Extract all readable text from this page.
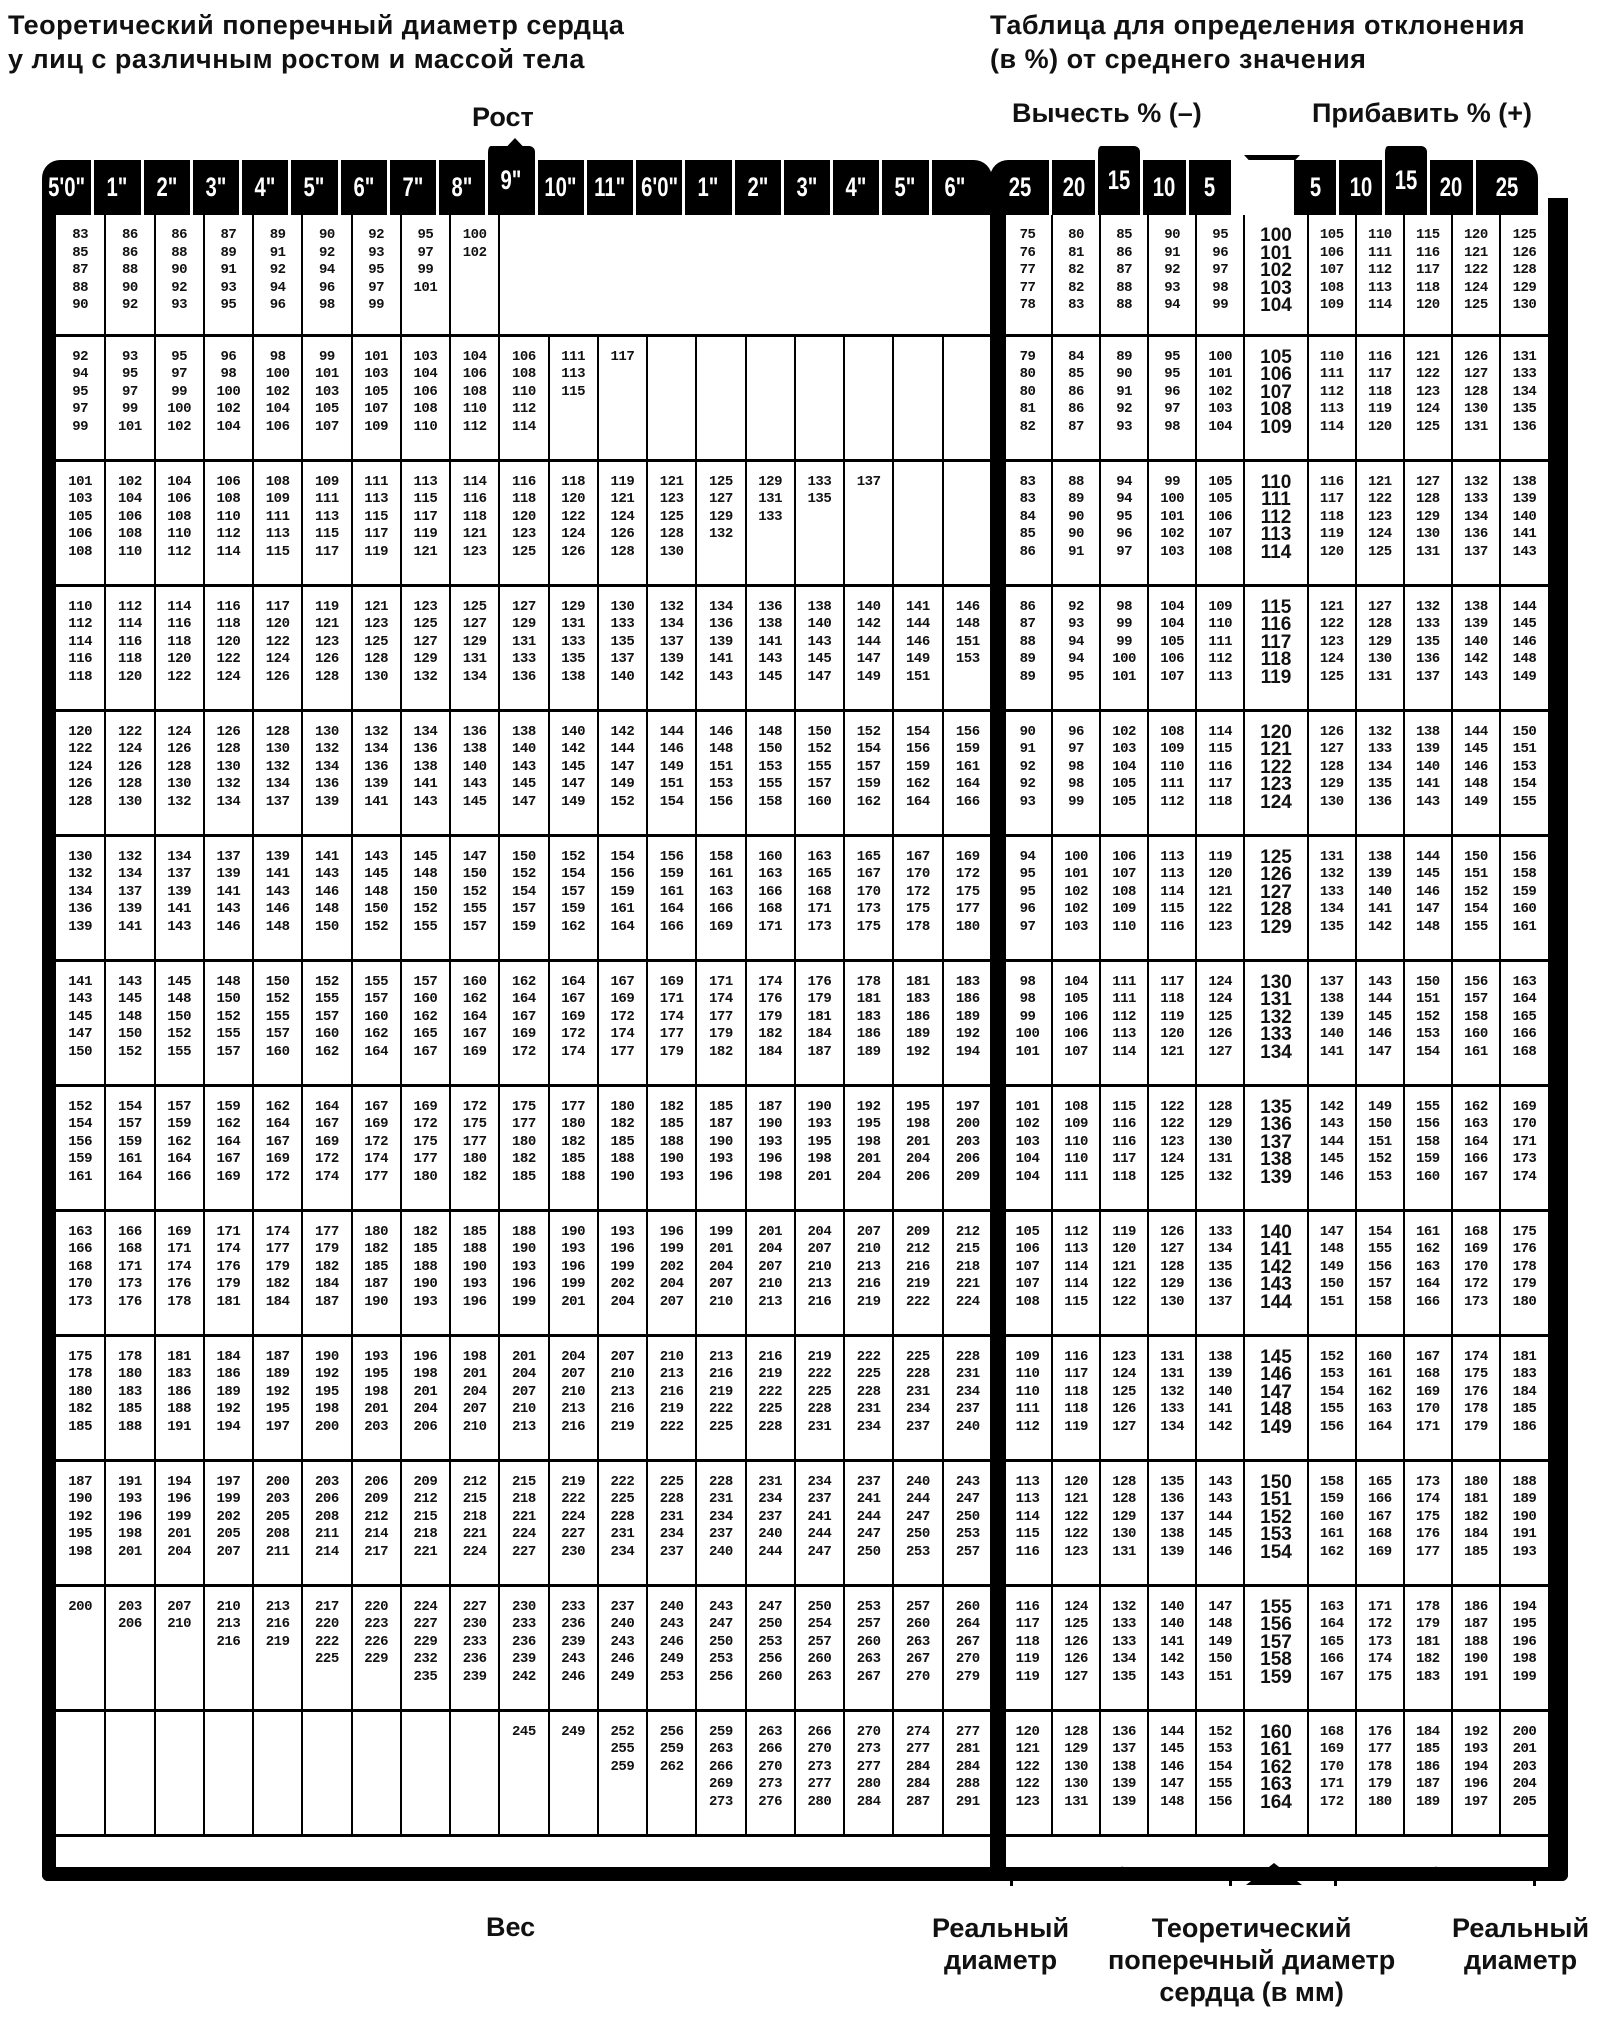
Теоретический поперечный диаметр сердца
у лиц с различным ростом и массой тела
Таблица для определения отклонения
(в %) от среднего значения
Рост	Вычесть % (–)	Прибавить % (+)
5'0" 1" 2" 3" 4" 5" 6" 7" 8" 9" 10" 11" 6'0" 1" 2" 3" 4" 5" 6"
83
85
87
88
90	86
86
88
90
92	86
88
90
92
93	87
89
91
93
95	89
91
92
94
96	90
92
94
96
98	92
93
95
97
99	95
97
99
101	100
102										

92
94
95
97
99	93
95
97
99
101	95
97
99
100
102	96
98
100
102
104	98
100
102
104
106	99
101
103
105
107	101
103
105
107
109	103
104
106
108
110	104
106
108
110
112	106
108
110
112
114	111
113
115	117							

101
103
105
106
108	102
104
106
108
110	104
106
108
110
112	106
108
110
112
114	108
109
111
113
115	109
111
113
115
117	111
113
115
117
119	113
115
117
119
121	114
116
118
121
123	116
118
120
123
125	118
120
122
124
126	119
121
124
126
128	121
123
125
128
130	125
127
129
132	129
131
133	133
135	137		

110
112
114
116
118	112
114
116
118
120	114
116
118
120
122	116
118
120
122
124	117
120
122
124
126	119
121
123
126
128	121
123
125
128
130	123
125
127
129
132	125
127
129
131
134	127
129
131
133
136	129
131
133
135
138	130
133
135
137
140	132
134
137
139
142	134
136
139
141
143	136
138
141
143
145	138
140
143
145
147	140
142
144
147
149	141
144
146
149
151	146
148
151
153

120
122
124
126
128	122
124
126
128
130	124
126
128
130
132	126
128
130
132
134	128
130
132
134
137	130
132
134
136
139	132
134
136
139
141	134
136
138
141
143	136
138
140
143
145	138
140
143
145
147	140
142
145
147
149	142
144
147
149
152	144
146
149
151
154	146
148
151
153
156	148
150
153
155
158	150
152
155
157
160	152
154
157
159
162	154
156
159
162
164	156
159
161
164
166

130
132
134
136
139	132
134
137
139
141	134
137
139
141
143	137
139
141
143
146	139
141
143
146
148	141
143
146
148
150	143
145
148
150
152	145
148
150
152
155	147
150
152
155
157	150
152
154
157
159	152
154
157
159
162	154
156
159
161
164	156
159
161
164
166	158
161
163
166
169	160
163
166
168
171	163
165
168
171
173	165
167
170
173
175	167
170
172
175
178	169
172
175
177
180

141
143
145
147
150	143
145
148
150
152	145
148
150
152
155	148
150
152
155
157	150
152
155
157
160	152
155
157
160
162	155
157
160
162
164	157
160
162
165
167	160
162
164
167
169	162
164
167
169
172	164
167
169
172
174	167
169
172
174
177	169
171
174
177
179	171
174
177
179
182	174
176
179
182
184	176
179
181
184
187	178
181
183
186
189	181
183
186
189
192	183
186
189
192
194

152
154
156
159
161	154
157
159
161
164	157
159
162
164
166	159
162
164
167
169	162
164
167
169
172	164
167
169
172
174	167
169
172
174
177	169
172
175
177
180	172
175
177
180
182	175
177
180
182
185	177
180
182
185
188	180
182
185
188
190	182
185
188
190
193	185
187
190
193
196	187
190
193
196
198	190
193
195
198
201	192
195
198
201
204	195
198
201
204
206	197
200
203
206
209

163
166
168
170
173	166
168
171
173
176	169
171
174
176
178	171
174
176
179
181	174
177
179
182
184	177
179
182
184
187	180
182
185
187
190	182
185
188
190
193	185
188
190
193
196	188
190
193
196
199	190
193
196
199
201	193
196
199
202
204	196
199
202
204
207	199
201
204
207
210	201
204
207
210
213	204
207
210
213
216	207
210
213
216
219	209
212
216
219
222	212
215
218
221
224

175
178
180
182
185	178
180
183
185
188	181
183
186
188
191	184
186
189
192
194	187
189
192
195
197	190
192
195
198
200	193
195
198
201
203	196
198
201
204
206	198
201
204
207
210	201
204
207
210
213	204
207
210
213
216	207
210
213
216
219	210
213
216
219
222	213
216
219
222
225	216
219
222
225
228	219
222
225
228
231	222
225
228
231
234	225
228
231
234
237	228
231
234
237
240

187
190
192
195
198	191
193
196
198
201	194
196
199
201
204	197
199
202
205
207	200
203
205
208
211	203
206
208
211
214	206
209
212
214
217	209
212
215
218
221	212
215
218
221
224	215
218
221
224
227	219
222
224
227
230	222
225
228
231
234	225
228
231
234
237	228
231
234
237
240	231
234
237
240
244	234
237
241
244
247	237
241
244
247
250	240
244
247
250
253	243
247
250
253
257

200	203
206	207
210	210
213
216	213
216
219	217
220
222
225	220
223
226
229	224
227
229
232
235	227
230
233
236
239	230
233
236
239
242	233
236
239
243
246	237
240
243
246
249	240
243
246
249
253	243
247
250
253
256	247
250
253
256
260	250
254
257
260
263	253
257
260
263
267	257
260
263
267
270	260
264
267
270
279

									245	249	252
255
259	256
259
262	259
263
266
269
273	263
266
270
273
276	266
270
273
277
280	270
273
277
280
284	274
277
284
284
287	277
281
284
288
291
25 20 15 10 5	5 10 15 20 25
75
76
77
77
78	80
81
82
82
83	85
86
87
88
88	90
91
92
93
94	95
96
97
98
99	100
101
102
103
104	105
106
107
108
109	110
111
112
113
114	115
116
117
118
120	120
121
122
124
125	125
126
128
129
130

79
80
80
81
82	84
85
86
86
87	89
90
91
92
93	95
95
96
97
98	100
101
102
103
104	105
106
107
108
109	110
111
112
113
114	116
117
118
119
120	121
122
123
124
125	126
127
128
130
131	131
133
134
135
136

83
83
84
85
86	88
89
90
90
91	94
94
95
96
97	99
100
101
102
103	105
105
106
107
108	110
111
112
113
114	116
117
118
119
120	121
122
123
124
125	127
128
129
130
131	132
133
134
136
137	138
139
140
141
143

86
87
88
89
89	92
93
94
94
95	98
99
99
100
101	104
104
105
106
107	109
110
111
112
113	115
116
117
118
119	121
122
123
124
125	127
128
129
130
131	132
133
135
136
137	138
139
140
142
143	144
145
146
148
149

90
91
92
92
93	96
97
98
98
99	102
103
104
105
105	108
109
110
111
112	114
115
116
117
118	120
121
122
123
124	126
127
128
129
130	132
133
134
135
136	138
139
140
141
143	144
145
146
148
149	150
151
153
154
155

94
95
95
96
97	100
101
102
102
103	106
107
108
109
110	113
113
114
115
116	119
120
121
122
123	125
126
127
128
129	131
132
133
134
135	138
139
140
141
142	144
145
146
147
148	150
151
152
154
155	156
158
159
160
161

98
98
99
100
101	104
105
106
106
107	111
111
112
113
114	117
118
119
120
121	124
124
125
126
127	130
131
132
133
134	137
138
139
140
141	143
144
145
146
147	150
151
152
153
154	156
157
158
160
161	163
164
165
166
168

101
102
103
104
104	108
109
110
110
111	115
116
116
117
118	122
122
123
124
125	128
129
130
131
132	135
136
137
138
139	142
143
144
145
146	149
150
151
152
153	155
156
158
159
160	162
163
164
166
167	169
170
171
173
174

105
106
107
107
108	112
113
114
114
115	119
120
121
122
122	126
127
128
129
130	133
134
135
136
137	140
141
142
143
144	147
148
149
150
151	154
155
156
157
158	161
162
163
164
166	168
169
170
172
173	175
176
178
179
180

109
110
110
111
112	116
117
118
118
119	123
124
125
126
127	131
131
132
133
134	138
139
140
141
142	145
146
147
148
149	152
153
154
155
156	160
161
162
163
164	167
168
169
170
171	174
175
176
178
179	181
183
184
185
186

113
113
114
115
116	120
121
122
122
123	128
128
129
130
131	135
136
137
138
139	143
143
144
145
146	150
151
152
153
154	158
159
160
161
162	165
166
167
168
169	173
174
175
176
177	180
181
182
184
185	188
189
190
191
193

116
117
118
119
119	124
125
126
126
127	132
133
133
134
135	140
140
141
142
143	147
148
149
150
151	155
156
157
158
159	163
164
165
166
167	171
172
173
174
175	178
179
181
182
183	186
187
188
190
191	194
195
196
198
199

120
121
122
122
123	128
129
130
130
131	136
137
138
139
139	144
145
146
147
148	152
153
154
155
156	160
161
162
163
164	168
169
170
171
172	176
177
178
179
180	184
185
186
187
189	192
193
194
196
197	200
201
203
204
205
Вес	Реальный
диаметр
Теоретический
поперечный диаметр
сердца (в мм)
Реальный
диаметр
